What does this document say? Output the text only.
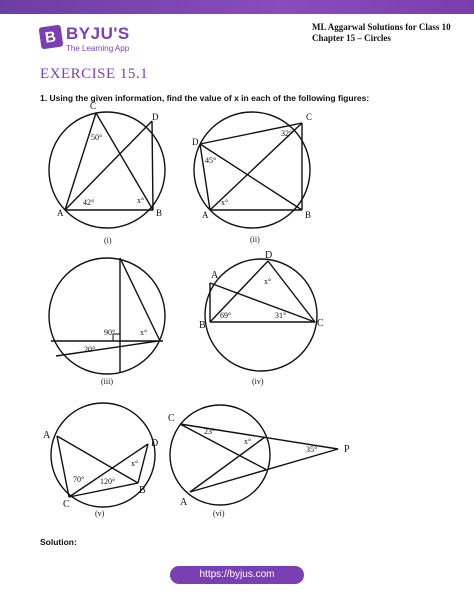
B BYJU'S
The Learning App
ML Aggarwal Solutions for Class 10 Chapter 15 – Circles
EXERCISE 15.1
1. Using the given information, find the value of x in each of the following figures:
C
D
A	B
50°
42°	x°
(i)
D
C
A	B
32°
45°
x°
(ii)
90°	x°
20°
(iii)
A
D
B	C
x°
69°	31°
(iv)
A
D
C
B
70° 120°
x°
(v)
C
P
A
23°
x°
35°
(vi)
Solution:
https://byjus.com
